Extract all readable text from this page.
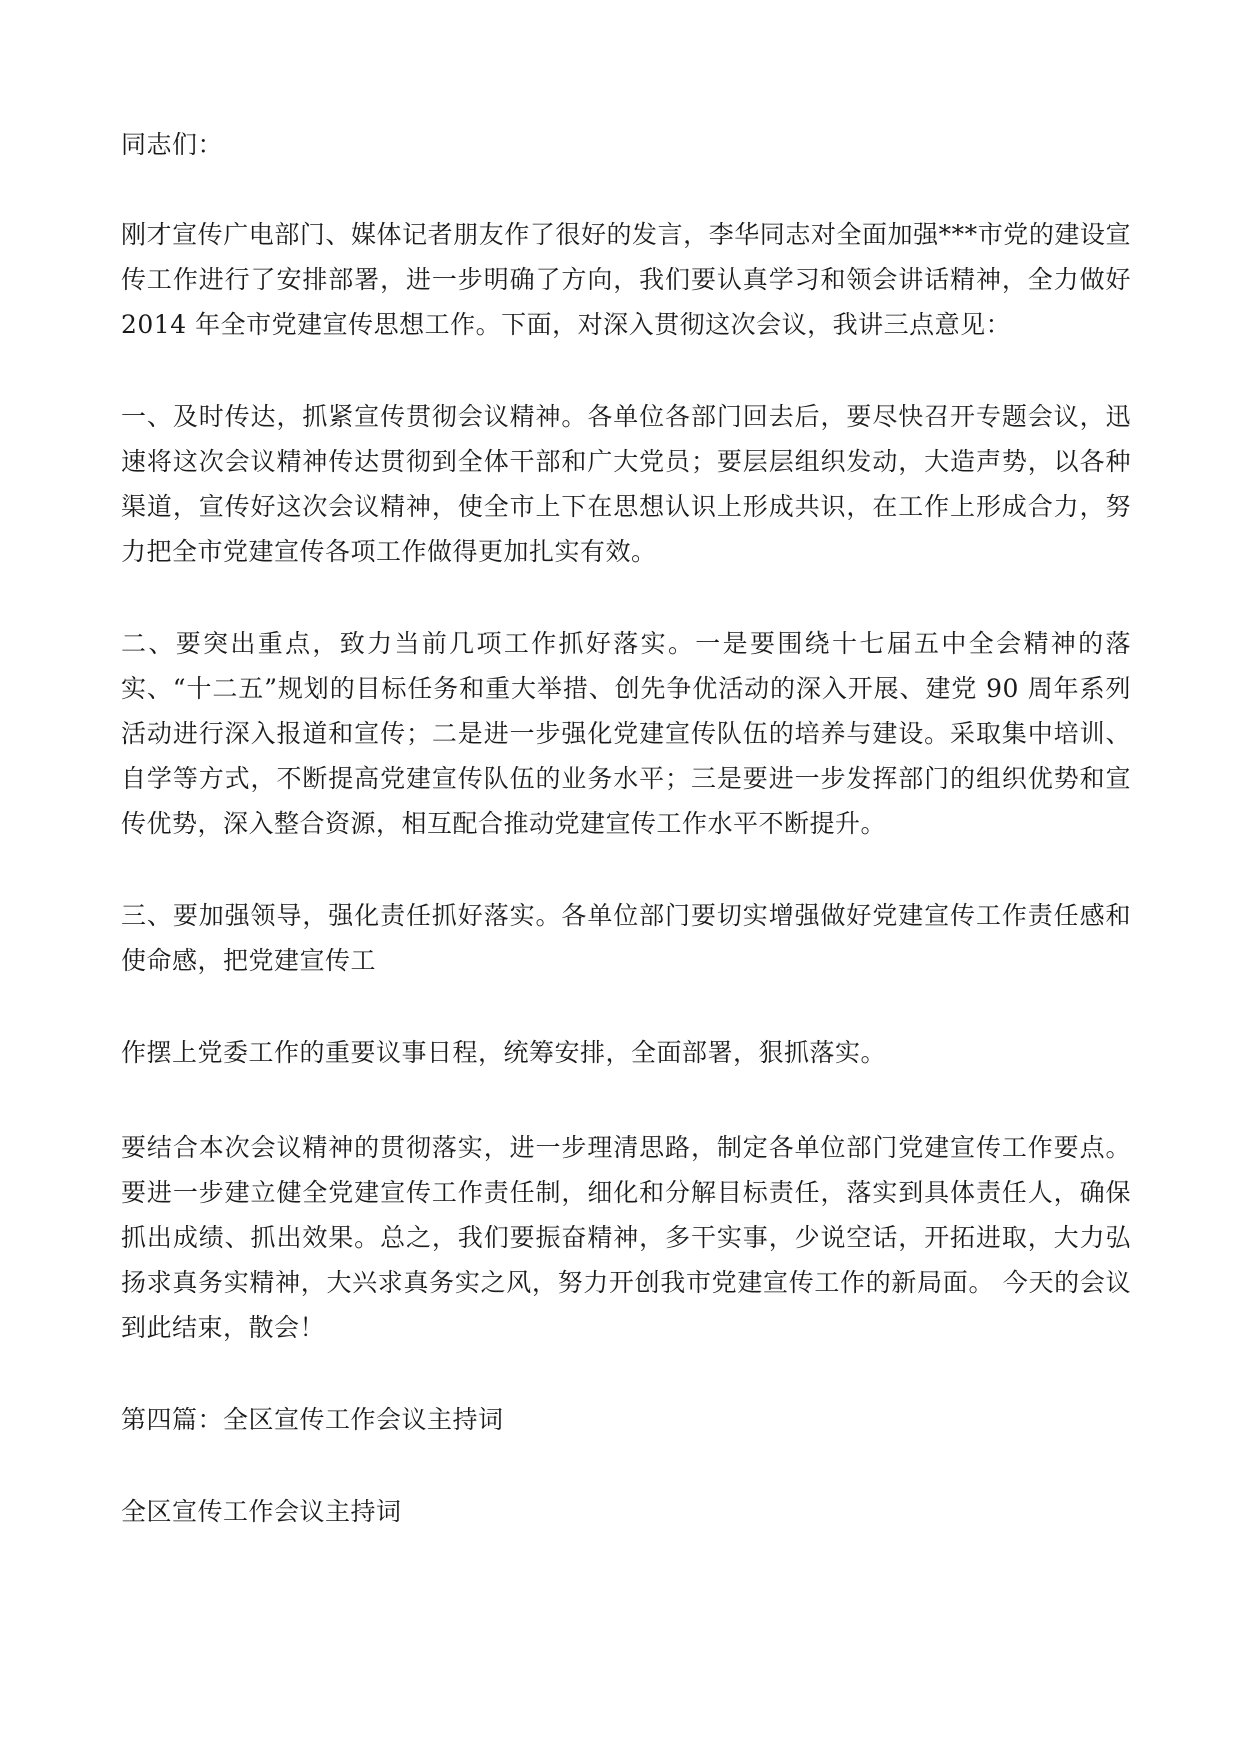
同志们：

刚才宣传广电部门、媒体记者朋友作了很好的发言，李华同志对全面加强***市党的建设宣传工作进行了安排部署，进一步明确了方向，我们要认真学习和领会讲话精神，全力做好 2014 年全市党建宣传思想工作。下面，对深入贯彻这次会议，我讲三点意见：

一、及时传达，抓紧宣传贯彻会议精神。各单位各部门回去后，要尽快召开专题会议，迅速将这次会议精神传达贯彻到全体干部和广大党员；要层层组织发动，大造声势，以各种渠道，宣传好这次会议精神，使全市上下在思想认识上形成共识，在工作上形成合力，努力把全市党建宣传各项工作做得更加扎实有效。

二、要突出重点，致力当前几项工作抓好落实。一是要围绕十七届五中全会精神的落实、“十二五”规划的目标任务和重大举措、创先争优活动的深入开展、建党 90 周年系列活动进行深入报道和宣传；二是进一步强化党建宣传队伍的培养与建设。采取集中培训、自学等方式，不断提高党建宣传队伍的业务水平；三是要进一步发挥部门的组织优势和宣传优势，深入整合资源，相互配合推动党建宣传工作水平不断提升。

三、要加强领导，强化责任抓好落实。各单位部门要切实增强做好党建宣传工作责任感和使命感，把党建宣传工

作摆上党委工作的重要议事日程，统筹安排，全面部署，狠抓落实。

要结合本次会议精神的贯彻落实，进一步理清思路，制定各单位部门党建宣传工作要点。要进一步建立健全党建宣传工作责任制，细化和分解目标责任，落实到具体责任人，确保抓出成绩、抓出效果。总之，我们要振奋精神，多干实事，少说空话，开拓进取，大力弘扬求真务实精神，大兴求真务实之风，努力开创我市党建宣传工作的新局面。 今天的会议到此结束，散会！

第四篇：全区宣传工作会议主持词

全区宣传工作会议主持词
